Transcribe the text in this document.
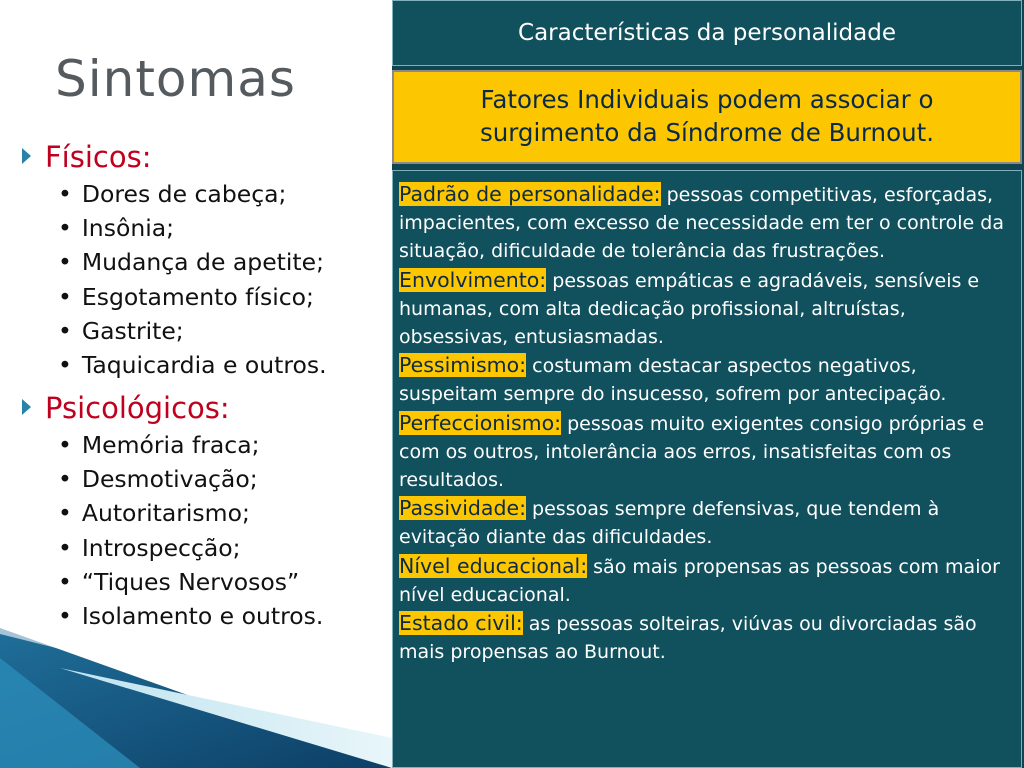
Sintomas
Físicos:
• Dores de cabeça;
• Insônia;
• Mudança de apetite;
• Esgotamento físico;
• Gastrite;
• Taquicardia e outros.
Psicológicos:
• Memória fraca;
• Desmotivação;
• Autoritarismo;
• Introspecção;
• “Tiques Nervosos”
• Isolamento e outros.
Características da personalidade
Fatores Individuais podem associar o
surgimento da Síndrome de Burnout.

Padrão de personalidade: pessoas competitivas, esforçadas, impacientes, com excesso de necessidade em ter o controle da situação, dificuldade de tolerância das frustrações.

Envolvimento: pessoas empáticas e agradáveis, sensíveis e humanas, com alta dedicação profissional, altruístas, obsessivas, entusiasmadas.

Pessimismo: costumam destacar aspectos negativos, suspeitam sempre do insucesso, sofrem por antecipação.

Perfeccionismo: pessoas muito exigentes consigo próprias e com os outros, intolerância aos erros, insatisfeitas com os resultados.

Passividade: pessoas sempre defensivas, que tendem à evitação diante das dificuldades.

Nível educacional: são mais propensas as pessoas com maior nível educacional.

Estado civil: as pessoas solteiras, viúvas ou divorciadas são mais propensas ao Burnout.
